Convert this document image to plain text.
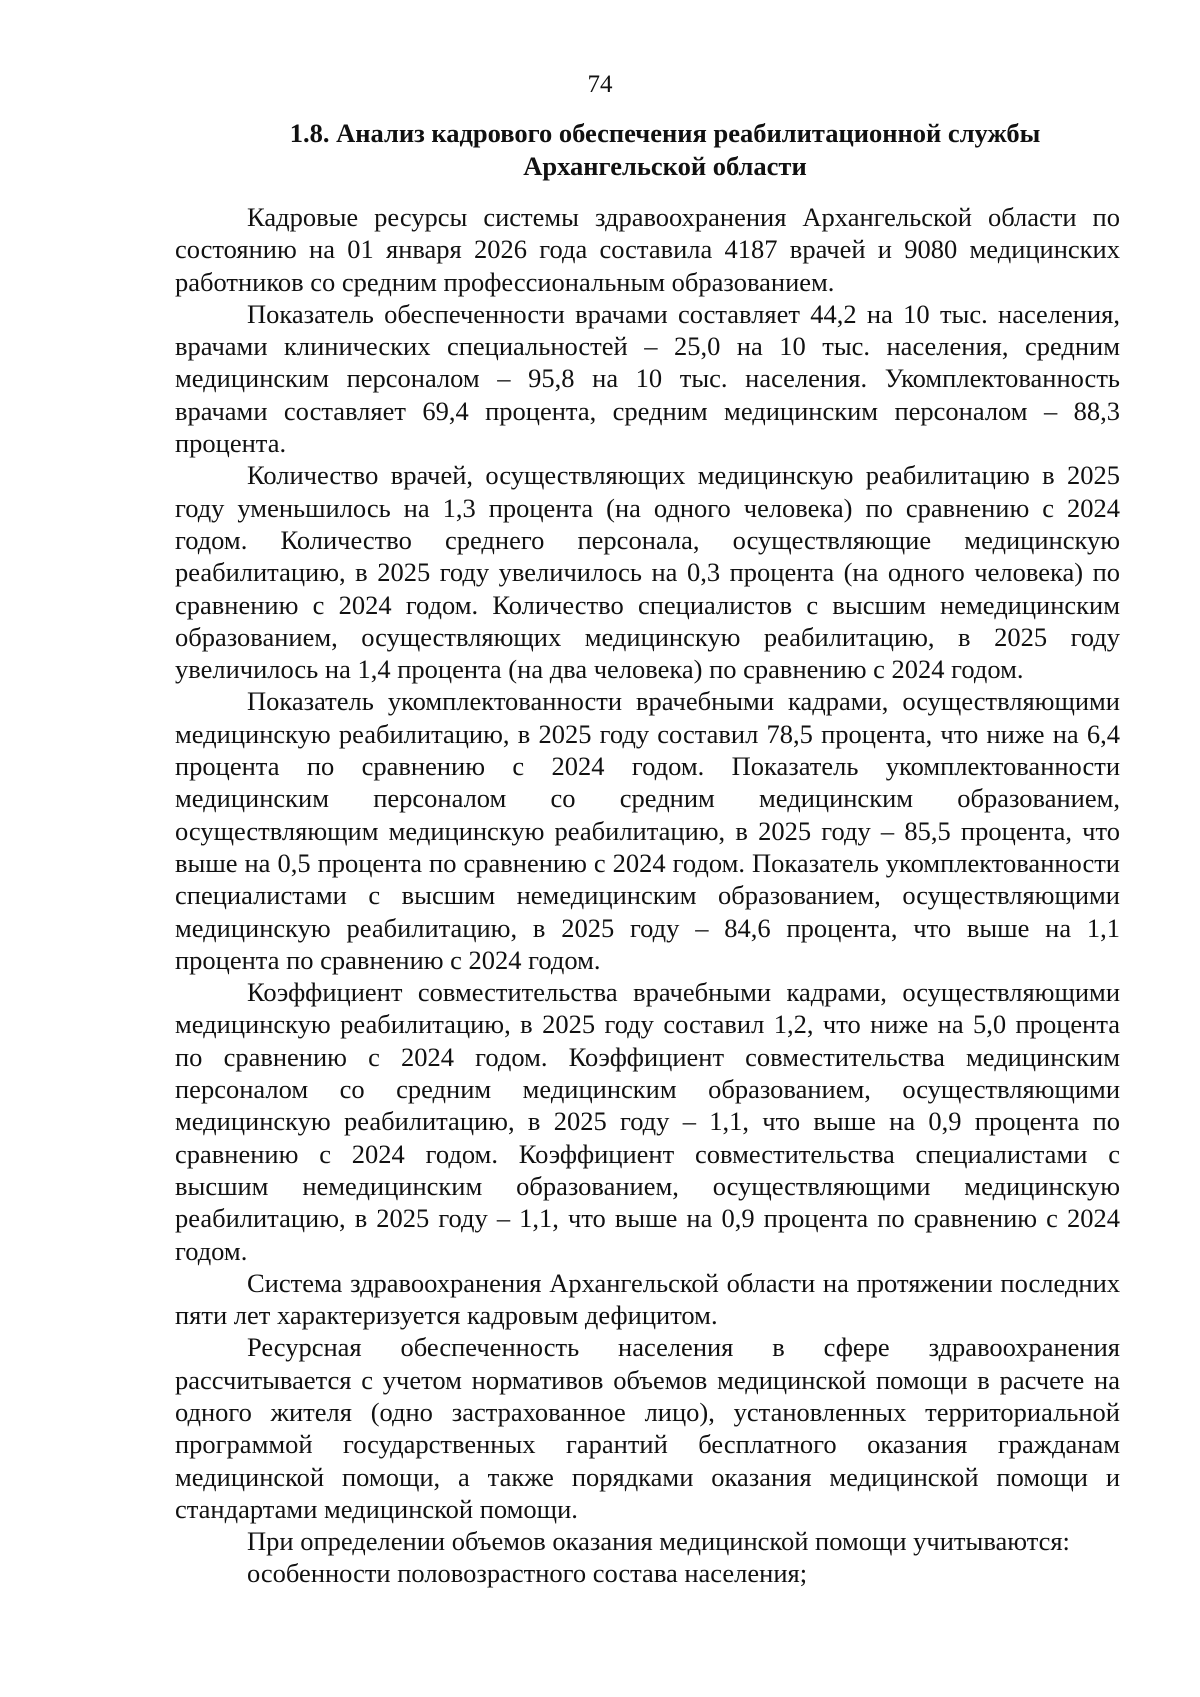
74
1.8. Анализ кадрового обеспечения реабилитационной службы
Архангельской области

Кадровые ресурсы системы здравоохранения Архангельской области по состоянию на 01 января 2026 года составила 4187 врачей и 9080 медицинских работников со средним профессиональным образованием.

Показатель обеспеченности врачами составляет 44,2 на 10 тыс. населения, врачами клинических специальностей – 25,0 на 10 тыс. населения, средним медицинским персоналом – 95,8 на 10 тыс. населения. Укомплектованность врачами составляет 69,4 процента, средним медицинским персоналом – 88,3 процента.

Количество врачей, осуществляющих медицинскую реабилитацию в 2025 году уменьшилось на 1,3 процента (на одного человека) по сравнению с 2024 годом. Количество среднего персонала, осуществляющие медицинскую реабилитацию, в 2025 году увеличилось на 0,3 процента (на одного человека) по сравнению с 2024 годом. Количество специалистов с высшим немедицинским образованием, осуществляющих медицинскую реабилитацию, в 2025 году увеличилось на 1,4 процента (на два человека) по сравнению с 2024 годом.

Показатель укомплектованности врачебными кадрами, осуществляющими медицинскую реабилитацию, в 2025 году составил 78,5 процента, что ниже на 6,4 процента по сравнению с 2024 годом. Показатель укомплектованности медицинским персоналом со средним медицинским образованием, осуществляющим медицинскую реабилитацию, в 2025 году – 85,5 процента, что выше на 0,5 процента по сравнению с 2024 годом. Показатель укомплектованности специалистами с высшим немедицинским образованием, осуществляющими медицинскую реабилитацию, в 2025 году – 84,6 процента, что выше на 1,1 процента по сравнению с 2024 годом.

Коэффициент совместительства врачебными кадрами, осуществляющими медицинскую реабилитацию, в 2025 году составил 1,2, что ниже на 5,0 процента по сравнению с 2024 годом. Коэффициент совместительства медицинским персоналом со средним медицинским образованием, осуществляющими медицинскую реабилитацию, в 2025 году – 1,1, что выше на 0,9 процента по сравнению с 2024 годом. Коэффициент совместительства специалистами с высшим немедицинским образованием, осуществляющими медицинскую реабилитацию, в 2025 году – 1,1, что выше на 0,9 процента по сравнению с 2024 годом.

Система здравоохранения Архангельской области на протяжении последних пяти лет характеризуется кадровым дефицитом.

Ресурсная обеспеченность населения в сфере здравоохранения рассчитывается с учетом нормативов объемов медицинской помощи в расчете на одного жителя (одно застрахованное лицо), установленных территориальной программой государственных гарантий бесплатного оказания гражданам медицинской помощи, а также порядками оказания медицинской помощи и стандартами медицинской помощи.

При определении объемов оказания медицинской помощи учитываются:

особенности половозрастного состава населения;
